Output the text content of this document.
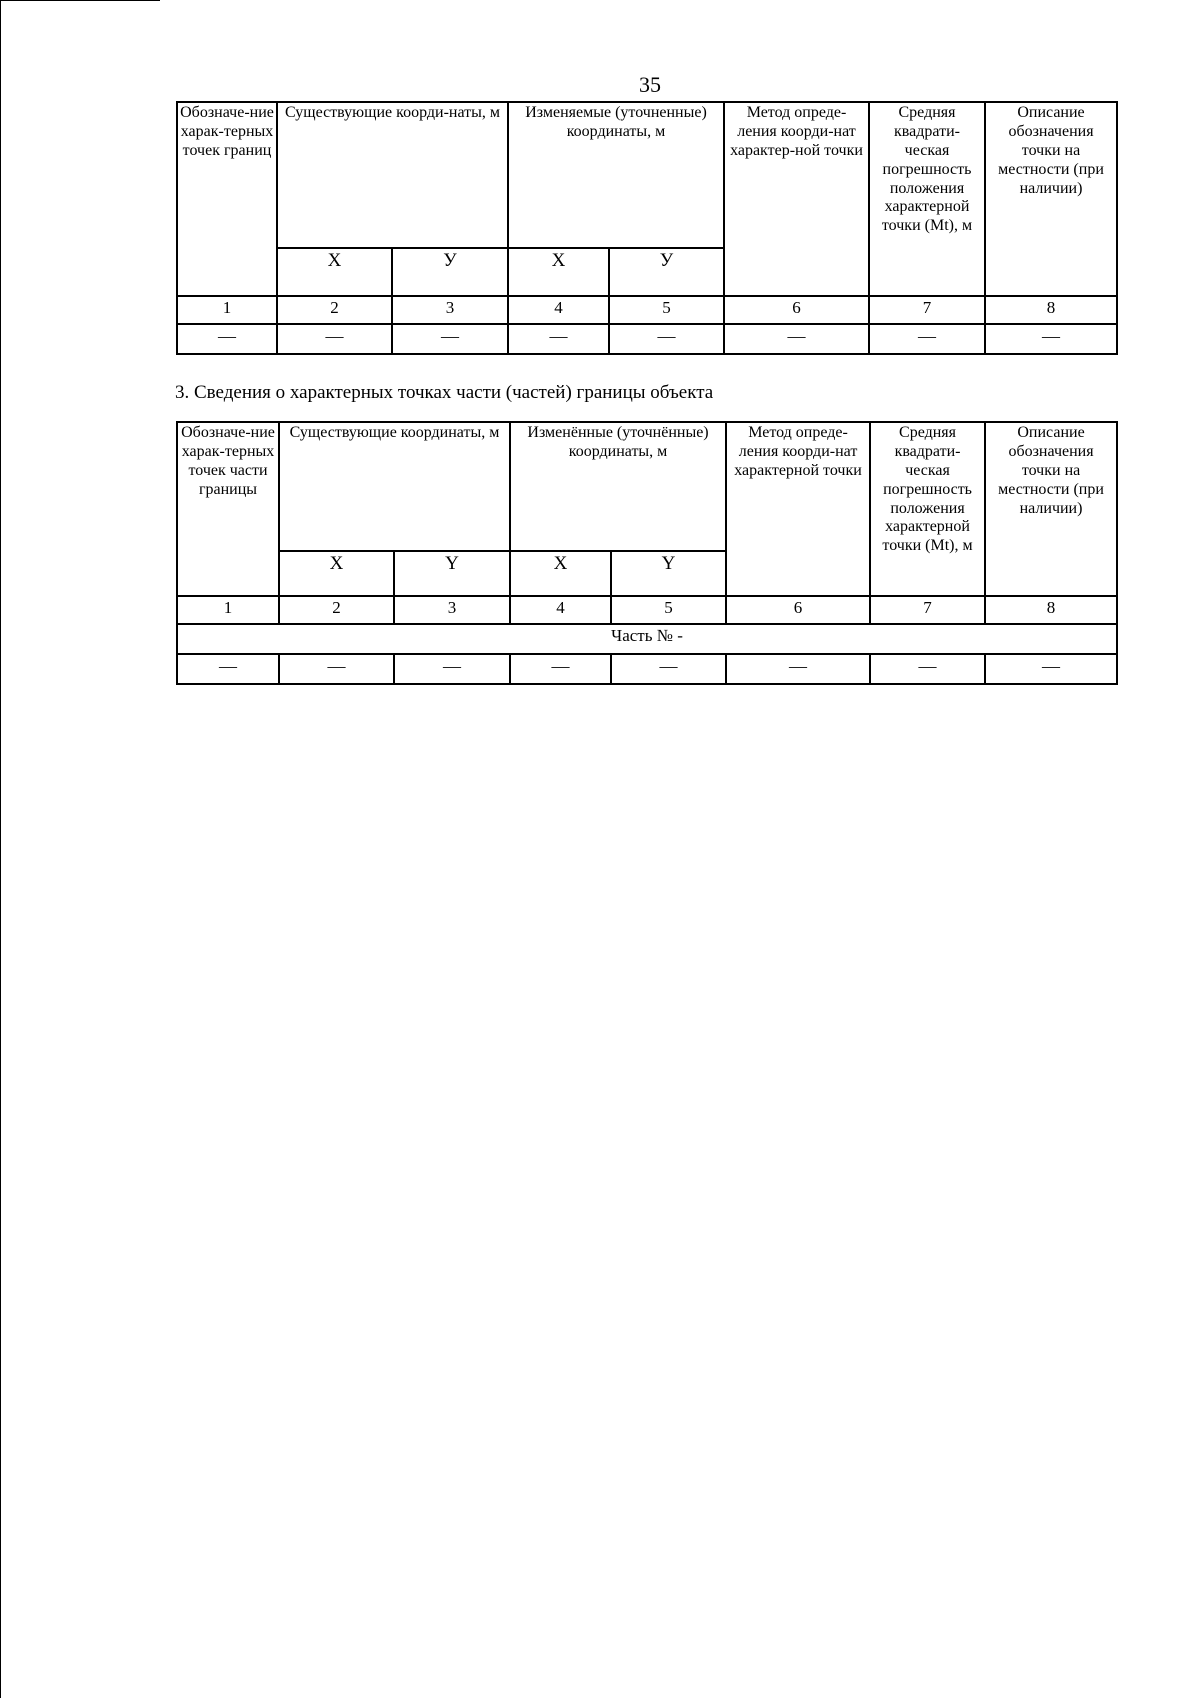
35
Обозначе-ние харак-терных точек границ	Существующие коорди-наты, м		Изменяемые (уточненные) координаты, м		Метод опреде-ления коорди-нат характер-ной точки	Средняя квадрати-ческая погрешность положения характерной точки (Mt), м	Описание обозначения точки на местности (при наличии)
	Х	У	Х	У			
1	2	3	4	5	6	7	8
—	—	—	—	—	—	—	—
3. Сведения о характерных точках части (частей) границы объекта
Обозначе-ние харак-терных точек части границы	Существующие координаты, м		Изменённые (уточнённые) координаты, м		Метод опреде-ления коорди-нат характерной точки	Средняя квадрати-ческая погрешность положения характерной точки (Mt), м	Описание обозначения точки на местности (при наличии)
	X	Y	X	Y			
1	2	3	4	5	6	7	8
Часть № -							
—	—	—	—	—	—	—	—
